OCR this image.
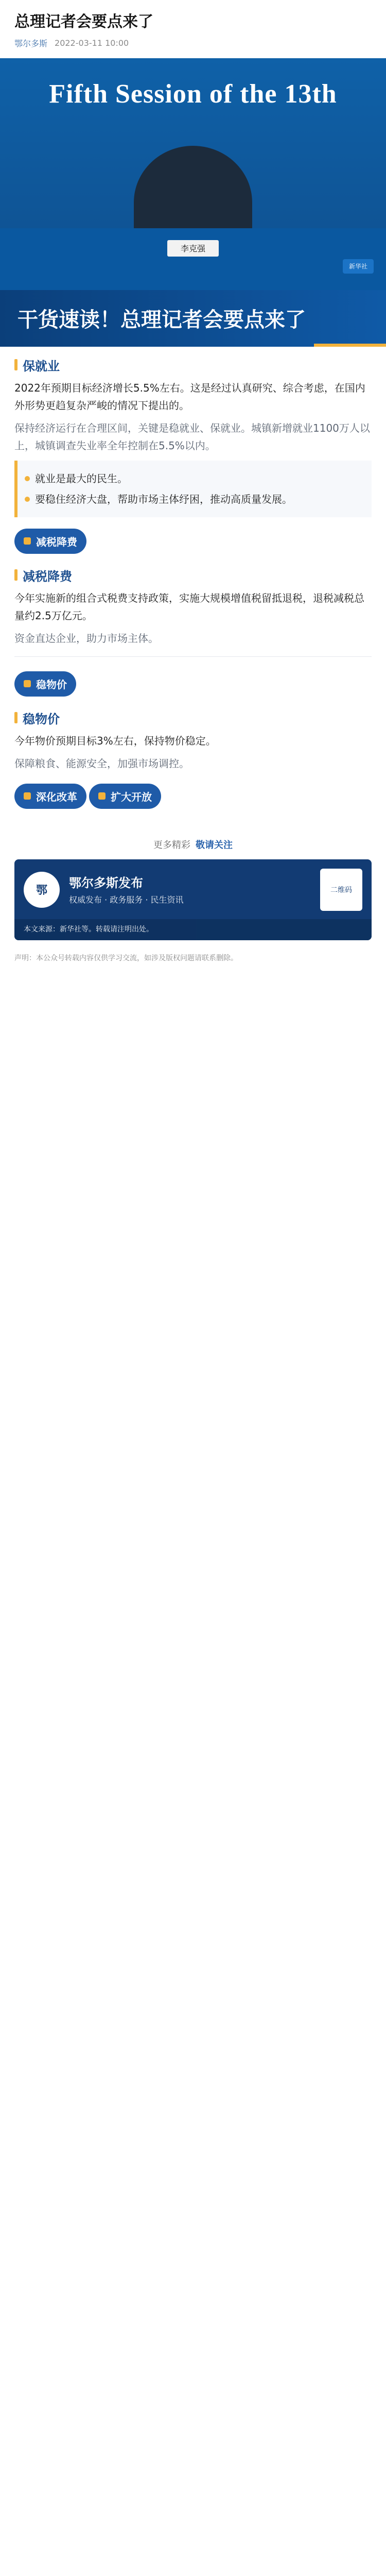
总理记者会要点来了
鄂尔多斯 2022-03-11 10:00
Fifth Session of the 13th
李克强
新华社
干货速读！总理记者会要点来了
保就业
2022年预期目标经济增长5.5%左右。这是经过认真研究、综合考虑，在国内外形势更趋复杂严峻的情况下提出的。
保持经济运行在合理区间，关键是稳就业、保就业。城镇新增就业1100万人以上，城镇调查失业率全年控制在5.5%以内。
就业是最大的民生。
要稳住经济大盘，帮助市场主体纾困，推动高质量发展。
减税降费
减税降费
今年实施新的组合式税费支持政策，实施大规模增值税留抵退税，退税减税总量约2.5万亿元。
资金直达企业，助力市场主体。
稳物价
稳物价
今年物价预期目标3%左右，保持物价稳定。
保障粮食、能源安全，加强市场调控。
深化改革
	扩大开放
更多精彩 敬请关注
鄂
鄂尔多斯发布
权威发布 · 政务服务 · 民生资讯
二维码
本文来源：新华社等。转载请注明出处。
声明：本公众号转载内容仅供学习交流，如涉及版权问题请联系删除。
